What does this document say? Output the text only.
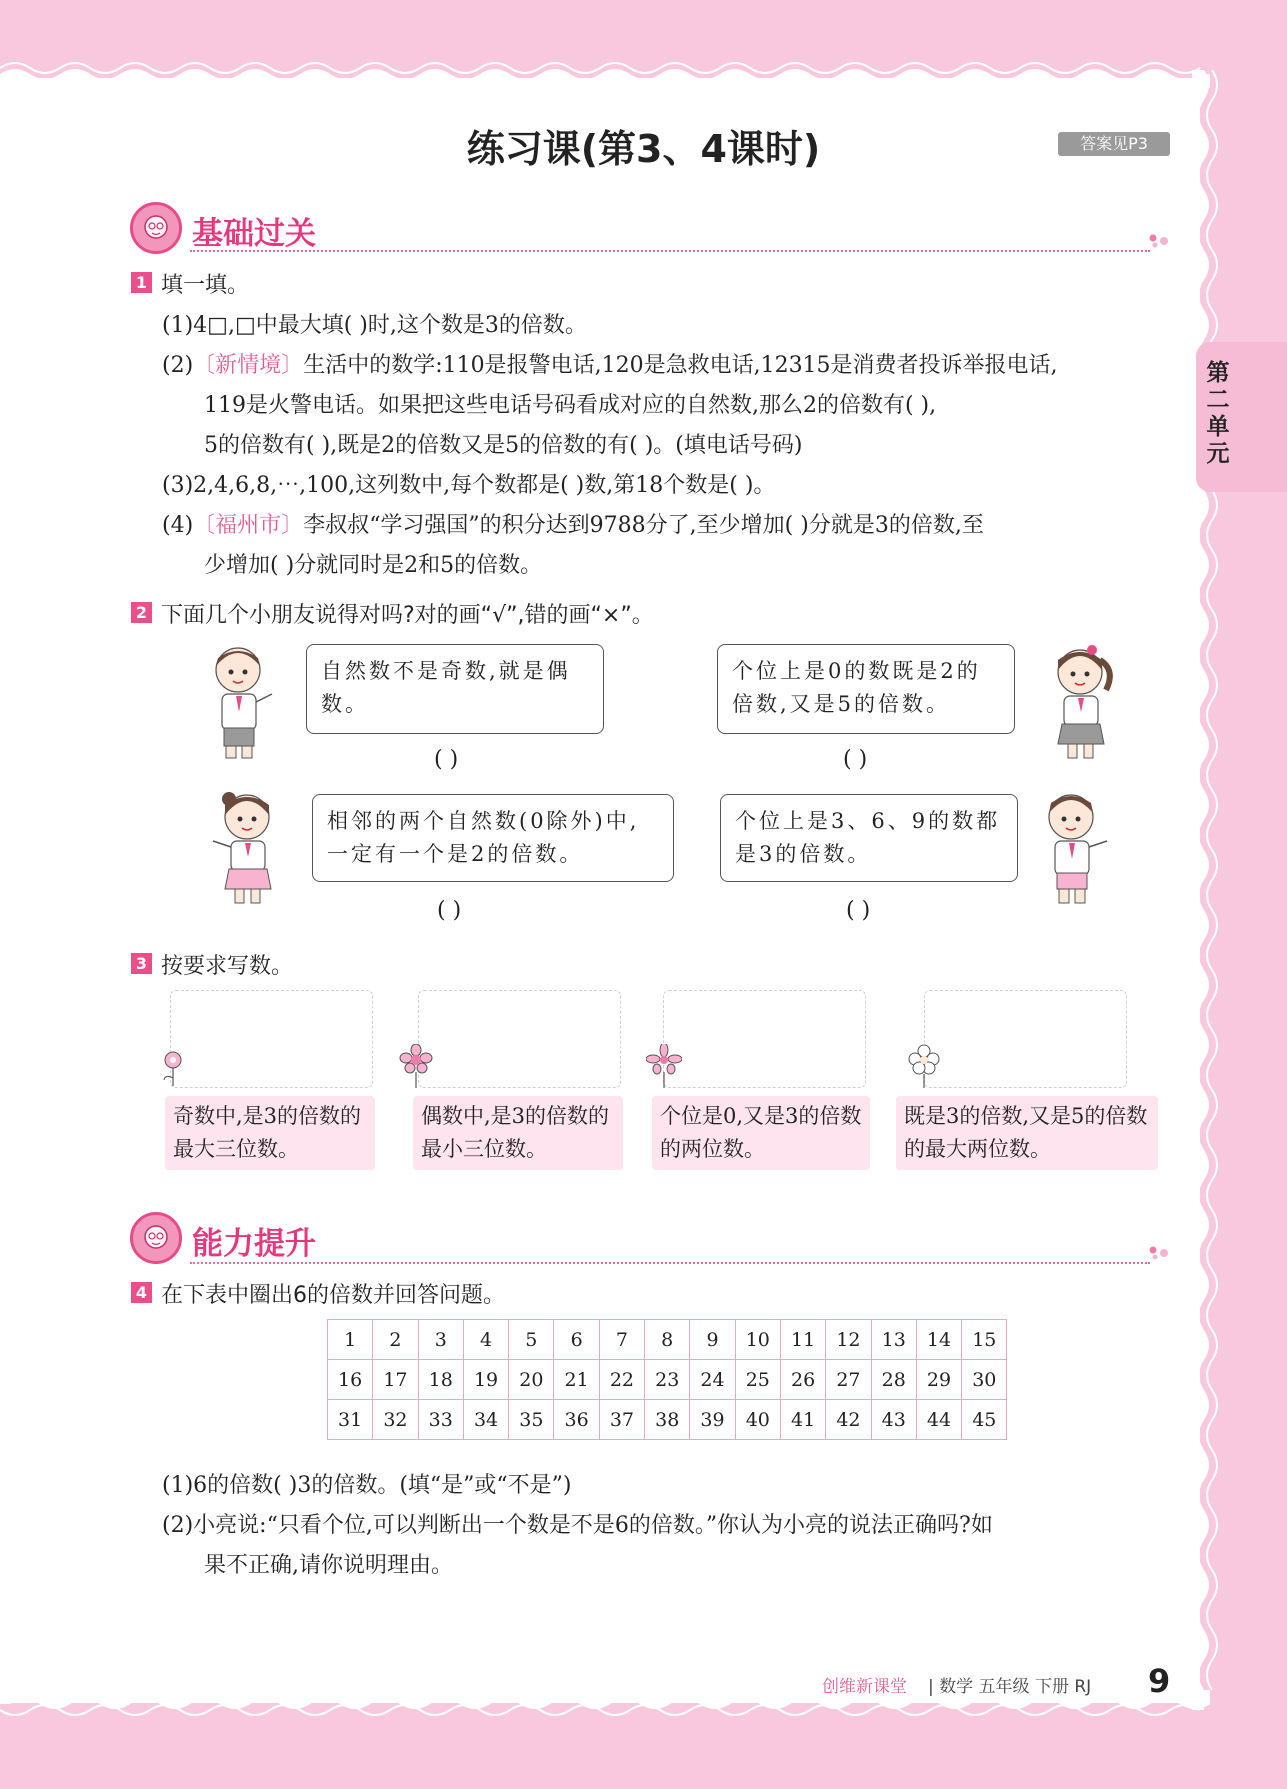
练习课(第3、4课时)	答案见P3
第二单元
基础过关
1 填一填。
(1)4□,□中最大填( )时,这个数是3的倍数。
(2)〔新情境〕生活中的数学:110是报警电话,120是急救电话,12315是消费者投诉举报电话,
119是火警电话。如果把这些电话号码看成对应的自然数,那么2的倍数有( ),
5的倍数有( ),既是2的倍数又是5的倍数的有( )。(填电话号码)
(3)2,4,6,8,⋯,100,这列数中,每个数都是( )数,第18个数是( )。
(4)〔福州市〕李叔叔“学习强国”的积分达到9788分了,至少增加( )分就是3的倍数,至
少增加( )分就同时是2和5的倍数。
2 下面几个小朋友说得对吗?对的画“√”,错的画“×”。
自然数不是奇数,就是偶数。
( )
个位上是0的数既是2的倍数,又是5的倍数。
( )
相邻的两个自然数(0除外)中,一定有一个是2的倍数。
( )
个位上是3、6、9的数都是3的倍数。
( )
3 按要求写数。
奇数中,是3的倍数的最大三位数。
偶数中,是3的倍数的最小三位数。
个位是0,又是3的倍数的两位数。
既是3的倍数,又是5的倍数的最大两位数。
能力提升
4 在下表中圈出6的倍数并回答问题。
1	2	3	4	5	6	7	8	9	10	11	12	13	14	15
16	17	18	19	20	21	22	23	24	25	26	27	28	29	30
31	32	33	34	35	36	37	38	39	40	41	42	43	44	45
(1)6的倍数( )3的倍数。(填“是”或“不是”)
(2)小亮说:“只看个位,可以判断出一个数是不是6的倍数。”你认为小亮的说法正确吗?如
果不正确,请你说明理由。
创维新课堂 | 数学 五年级 下册 RJ 9
